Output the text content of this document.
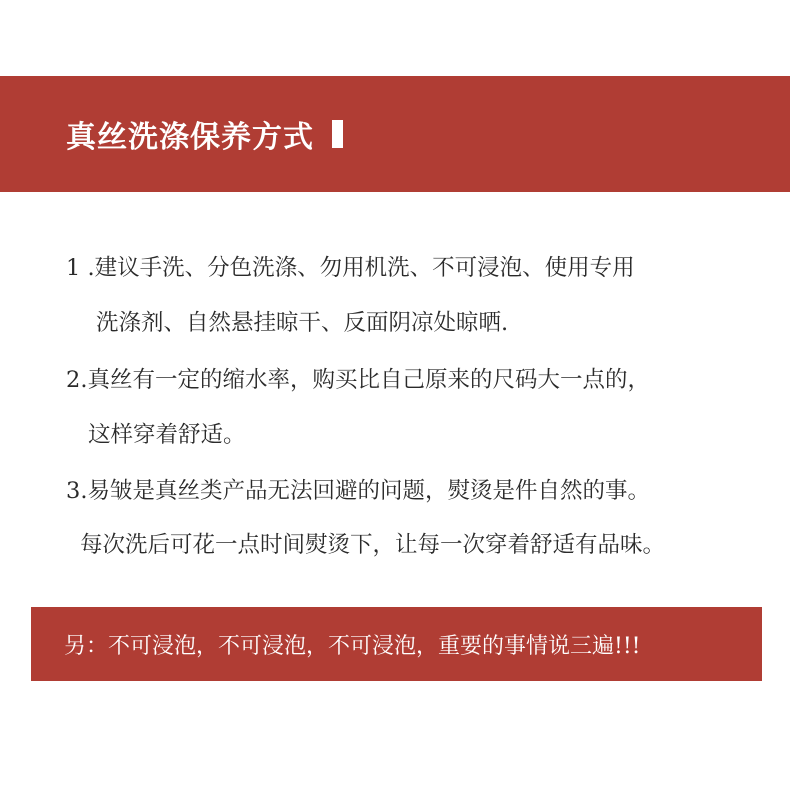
真丝洗涤保养方式
1 .建议手洗、分色洗涤、勿用机洗、不可浸泡、使用专用
洗涤剂、自然悬挂晾干、反面阴凉处晾晒.
2.真丝有一定的缩水率，购买比自己原来的尺码大一点的，
这样穿着舒适。
3.易皱是真丝类产品无法回避的问题，熨烫是件自然的事。
每次洗后可花一点时间熨烫下，让每一次穿着舒适有品味。
另：不可浸泡，不可浸泡，不可浸泡，重要的事情说三遍!!!
